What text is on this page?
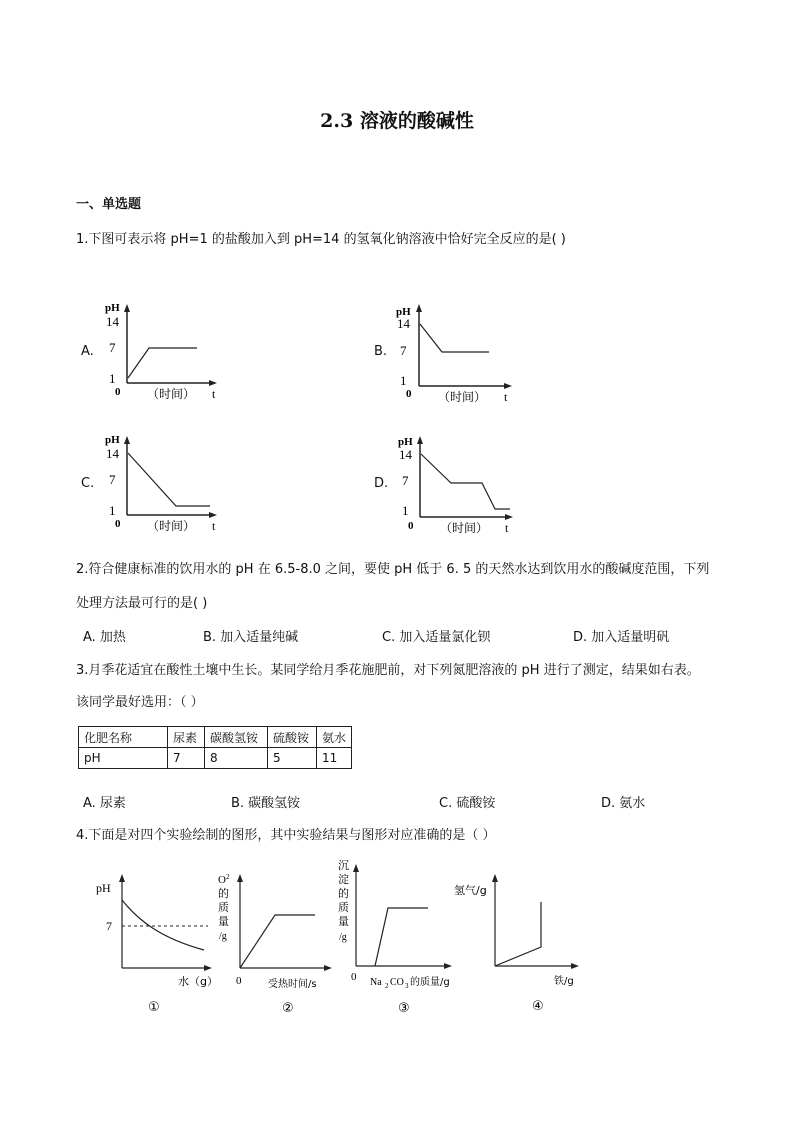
2.3 溶液的酸碱性
一、单选题
1.下图可表示将 pH=1 的盐酸加入到 pH=14 的氢氧化钠溶液中恰好完全反应的是( )
A.	B.
C.	D.
pH
14
7
1
0 （时间） t
pH
14
7
1
0 （时间） t
pH
14
7
1
0 （时间） t
pH
14
7
1
0 （时间） t
2.符合健康标准的饮用水的 pH 在 6.5-8.0 之间，要使 pH 低于 6. 5 的天然水达到饮用水的酸碱度范围，下列
处理方法最可行的是( )
A. 加热	B. 加入适量纯碱	C. 加入适量氯化钡	D. 加入适量明矾
3.月季花适宜在酸性土壤中生长。某同学给月季花施肥前，对下列氮肥溶液的 pH 进行了测定，结果如右表。
该同学最好选用：（ ）
化肥名称	尿素	碳酸氢铵	硫酸铵	氨水
pH	7	8	5	11
A. 尿素	B. 碳酸氢铵	C. 硫酸铵	D. 氨水
4.下面是对四个实验绘制的图形，其中实验结果与图形对应准确的是（ ）
pH
7
水（g）
①
O 2
的
质
量
/g
0	受热时间/s
②
沉
淀
的
质
量
/g
0 Na 2 CO 3 的质量/g
③
氢气/g
铁/g
④
